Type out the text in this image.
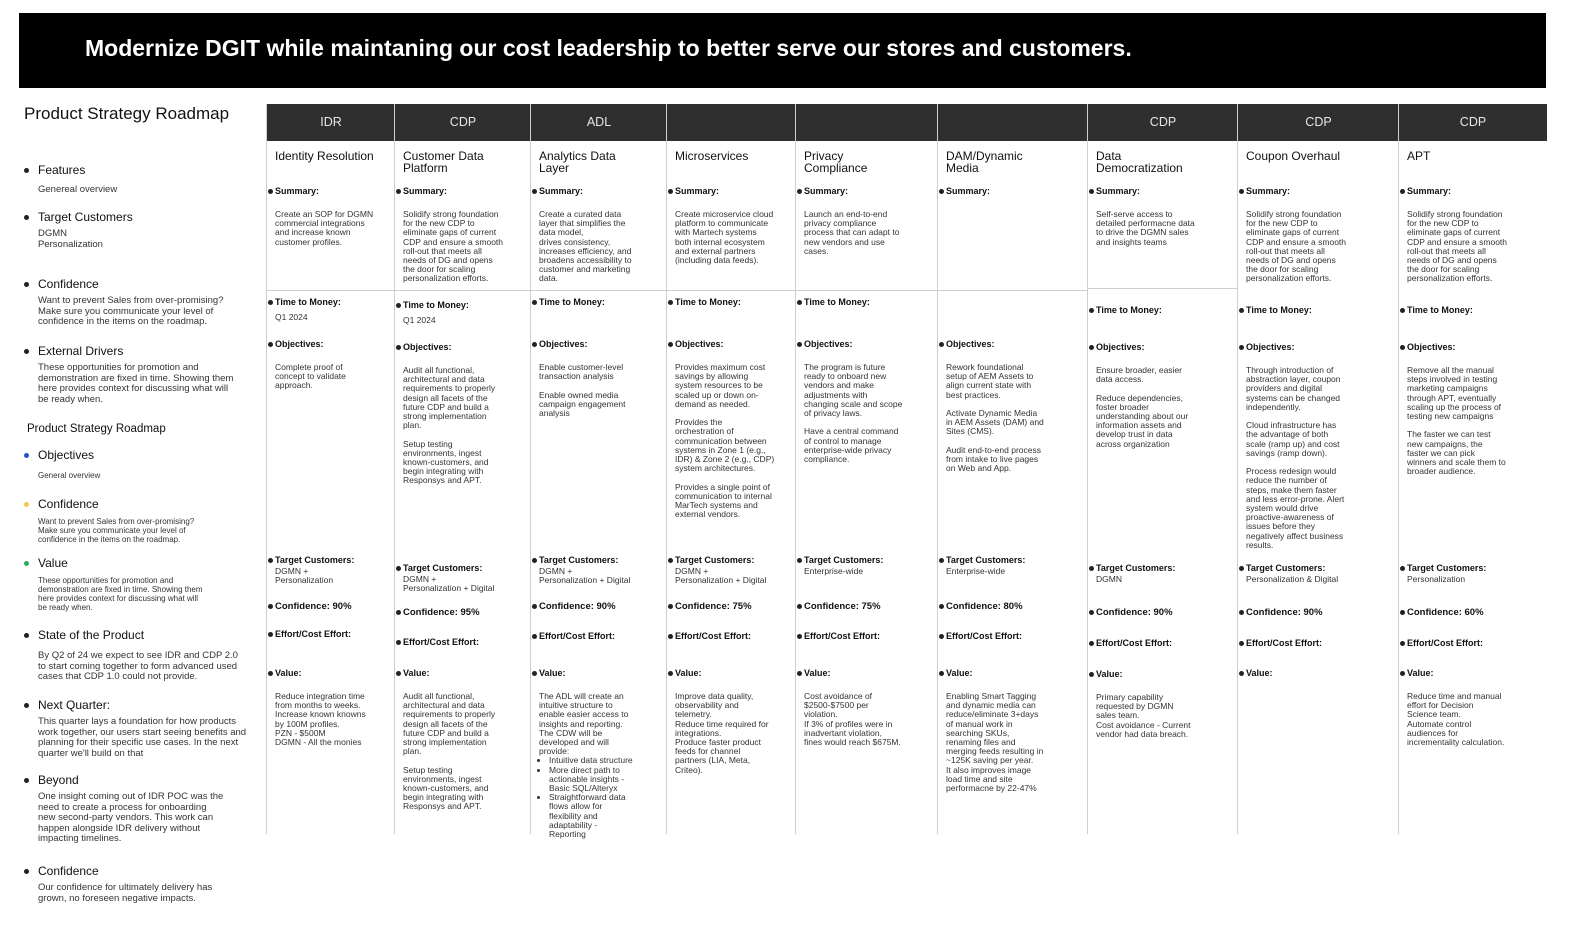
Modernize DGIT while maintaning our cost leadership to better serve our stores and customers.
Product Strategy Roadmap
Features
Genereal overview
Target Customers
DGMN
Personalization
Confidence
Want to prevent Sales from over-promising?
Make sure you communicate your level of
confidence in the items on the roadmap.
External Drivers
These opportunities for promotion and
demonstration are fixed in time. Showing them
here provides context for discussing what will
be ready when.
Product Strategy Roadmap
Objectives
General overview
Confidence
Want to prevent Sales from over-promising?
Make sure you communicate your level of
confidence in the items on the roadmap.
Value
These opportunities for promotion and
demonstration are fixed in time. Showing them
here provides context for discussing what will
be ready when.
State of the Product
By Q2 of 24 we expect to see IDR and CDP 2.0
to start coming together to form advanced used
cases that CDP 1.0 could not provide.
Next Quarter:
This quarter lays a foundation for how products
work together, our users start seeing benefits and
planning for their specific use cases. In the next
quarter we'll build on that
Beyond
One insight coming out of IDR POC was the
need to create a process for onboarding
new second-party vendors. This work can
happen alongside IDR delivery without
impacting timelines.
Confidence
Our confidence for ultimately delivery has
grown, no foreseen negative impacts.
IDR
Identity Resolution
Summary:
Create an SOP for DGMN
commercial integrations
and increase known
customer profiles.
Time to Money:
Q1 2024
Objectives:
Complete proof of
concept to validate
approach.
Target Customers:
DGMN +
Personalization
Confidence: 90%
Effort/Cost Effort:
Value:
Reduce integration time
from months to weeks.
Increase known knowns
by 100M profiles.
PZN - $500M
DGMN - All the monies
CDP
Customer Data
Platform
Summary:
Solidify strong foundation
for the new CDP to
eliminate gaps of current
CDP and ensure a smooth
roll-out that meets all
needs of DG and opens
the door for scaling
personalization efforts.
Time to Money:
Q1 2024
Objectives:
Audit all functional,
architectural and data
requirements to properly
design all facets of the
future CDP and build a
strong implementation
plan.

Setup testing
environments, ingest
known-customers, and
begin integrating with
Responsys and APT.
Target Customers:
DGMN +
Personalization + Digital
Confidence: 95%
Effort/Cost Effort:
Value:
Audit all functional,
architectural and data
requirements to properly
design all facets of the
future CDP and build a
strong implementation
plan.

Setup testing
environments, ingest
known-customers, and
begin integrating with
Responsys and APT.
ADL
Analytics Data
Layer
Summary:
Create a curated data
layer that simplifies the
data model,
drives consistency,
increases efficiency, and
broadens accessibility to
customer and marketing
data.
Time to Money:
Objectives:
Enable customer-level
transaction analysis

Enable owned media
campaign engagement
analysis
Target Customers:
DGMN +
Personalization + Digital
Confidence: 90%
Effort/Cost Effort:
Value:
The ADL will create an
intuitive structure to
enable easier access to
insights and reporting.
The CDW will be
developed and will
provide:
• Intuitive data structure
• More direct path to
actionable insights -
Basic SQL/Alteryx
• Straightforward data
flows allow for
flexibility and
adaptability -
Reporting
Microservices
Summary:
Create microservice cloud
platform to communicate
with Martech systems
both internal ecosystem
and external partners
(including data feeds).
Time to Money:
Objectives:
Provides maximum cost
savings by allowing
system resources to be
scaled up or down on-
demand as needed.

Provides the
orchestration of
communication between
systems in Zone 1 (e.g.,
IDR) & Zone 2 (e.g., CDP)
system architectures.

Provides a single point of
communication to internal
MarTech systems and
external vendors.
Target Customers:
DGMN +
Personalization + Digital
Confidence: 75%
Effort/Cost Effort:
Value:
Improve data quality,
observability and
telemetry.
Reduce time required for
integrations.
Produce faster product
feeds for channel
partners (LIA, Meta,
Criteo).
Privacy
Compliance
Summary:
Launch an end-to-end
privacy compliance
process that can adapt to
new vendors and use
cases.
Time to Money:
Objectives:
The program is future
ready to onboard new
vendors and make
adjustments with
changing scale and scope
of privacy laws.

Have a central command
of control to manage
enterprise-wide privacy
compliance.
Target Customers:
Enterprise-wide
Confidence: 75%
Effort/Cost Effort:
Value:
Cost avoidance of
$2500-$7500 per
violation.
If 3% of profiles were in
inadvertant violation,
fines would reach $675M.
DAM/Dynamic
Media
Summary:
Objectives:
Rework foundational
setup of AEM Assets to
align current state with
best practices.

Activate Dynamic Media
in AEM Assets (DAM) and
Sites (CMS).

Audit end-to-end process
from intake to live pages
on Web and App.
Target Customers:
Enterprise-wide
Confidence: 80%
Effort/Cost Effort:
Value:
Enabling Smart Tagging
and dynamic media can
reduce/eliminate 3+days
of manual work in
searching SKUs,
renaming files and
merging feeds resulting in
~125K saving per year.
It also improves image
load time and site
performacne by 22-47%
CDP
Data
Democratization
Summary:
Self-serve access to
detailed performacne data
to drive the DGMN sales
and insights teams
Time to Money:
Objectives:
Ensure broader, easier
data access.

Reduce dependencies,
foster broader
understanding about our
information assets and
develop trust in data
across organization
Target Customers:
DGMN
Confidence: 90%
Effort/Cost Effort:
Value:
Primary capability
requested by DGMN
sales team.
Cost avoidance - Current
vendor had data breach.
CDP
Coupon Overhaul
Summary:
Solidify strong foundation
for the new CDP to
eliminate gaps of current
CDP and ensure a smooth
roll-out that meets all
needs of DG and opens
the door for scaling
personalization efforts.
Time to Money:
Objectives:
Through introduction of
abstraction layer, coupon
providers and digital
systems can be changed
independently.

Cloud infrastructure has
the advantage of both
scale (ramp up) and cost
savings (ramp down).

Process redesign would
reduce the number of
steps, make them faster
and less error-prone. Alert
system would drive
proactive-awareness of
issues before they
negatively affect business
results.
Target Customers:
Personalization & Digital
Confidence: 90%
Effort/Cost Effort:
Value:
CDP
APT
Summary:
Solidify strong foundation
for the new CDP to
eliminate gaps of current
CDP and ensure a smooth
roll-out that meets all
needs of DG and opens
the door for scaling
personalization efforts.
Time to Money:
Objectives:
Remove all the manual
steps involved in testing
marketing campaigns
through APT, eventually
scaling up the process of
testing new campaigns

The faster we can test
new campaigns, the
faster we can pick
winners and scale them to
broader audience.
Target Customers:
Personalization
Confidence: 60%
Effort/Cost Effort:
Value:
Reduce time and manual
effort for Decision
Science team.
Automate control
audiences for
incrementality calculation.
